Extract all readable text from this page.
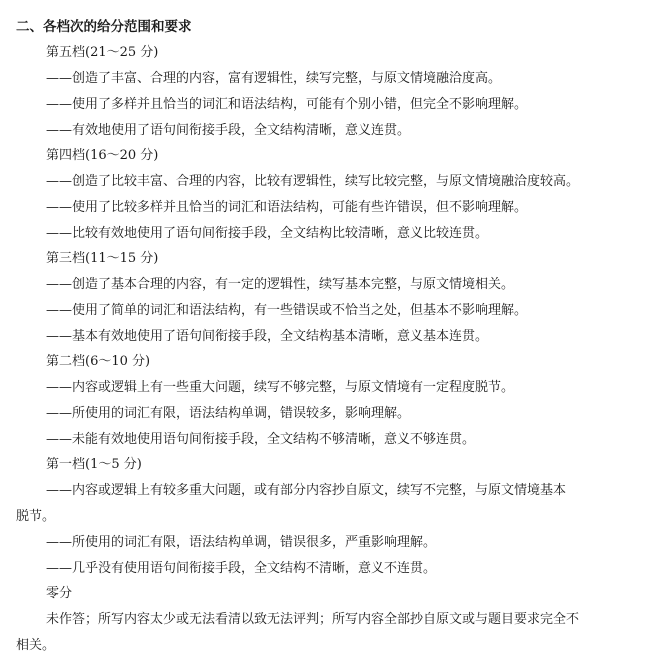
二、各档次的给分范围和要求
第五档(21～25 分)
——创造了丰富、合理的内容，富有逻辑性，续写完整，与原文情境融洽度高。
——使用了多样并且恰当的词汇和语法结构，可能有个别小错，但完全不影响理解。
——有效地使用了语句间衔接手段，全文结构清晰，意义连贯。
第四档(16～20 分)
——创造了比较丰富、合理的内容，比较有逻辑性，续写比较完整，与原文情境融洽度较高。
——使用了比较多样并且恰当的词汇和语法结构，可能有些许错误，但不影响理解。
——比较有效地使用了语句间衔接手段，全文结构比较清晰，意义比较连贯。
第三档(11～15 分)
——创造了基本合理的内容，有一定的逻辑性，续写基本完整，与原文情境相关。
——使用了简单的词汇和语法结构，有一些错误或不恰当之处，但基本不影响理解。
——基本有效地使用了语句间衔接手段，全文结构基本清晰，意义基本连贯。
第二档(6～10 分)
——内容或逻辑上有一些重大问题，续写不够完整，与原文情境有一定程度脱节。
——所使用的词汇有限，语法结构单调，错误较多，影响理解。
——未能有效地使用语句间衔接手段，全文结构不够清晰，意义不够连贯。
第一档(1～5 分)
——内容或逻辑上有较多重大问题，或有部分内容抄自原文，续写不完整，与原文情境基本
脱节。
——所使用的词汇有限，语法结构单调，错误很多，严重影响理解。
——几乎没有使用语句间衔接手段，全文结构不清晰，意义不连贯。
零分
未作答；所写内容太少或无法看清以致无法评判；所写内容全部抄自原文或与题目要求完全不
相关。
